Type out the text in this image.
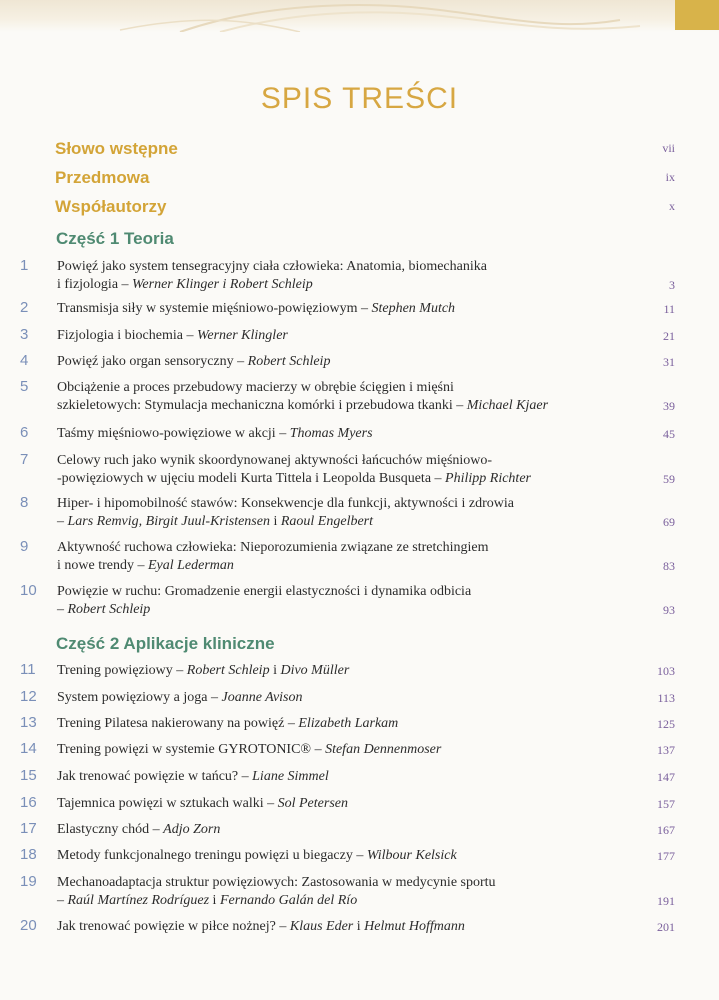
SPIS TREŚCI
Słowo wstępne	vii
Przedmowa	ix
Współautorzy	x
Część 1 Teoria
1	Powięź jako system tensegracyjny ciała człowieka: Anatomia, biomechanika
i fizjologia – Werner Klinger i Robert Schleip	3
2	Transmisja siły w systemie mięśniowo-powięziowym – Stephen Mutch	11
3	Fizjologia i biochemia – Werner Klingler	21
4	Powięź jako organ sensoryczny – Robert Schleip	31
5	Obciążenie a proces przebudowy macierzy w obrębie ścięgien i mięśni
szkieletowych: Stymulacja mechaniczna komórki i przebudowa tkanki – Michael Kjaer	39
6	Taśmy mięśniowo-powięziowe w akcji – Thomas Myers	45
7	Celowy ruch jako wynik skoordynowanej aktywności łańcuchów mięśniowo-
-powięziowych w ujęciu modeli Kurta Tittela i Leopolda Busqueta – Philipp Richter	59
8	Hiper- i hipomobilność stawów: Konsekwencje dla funkcji, aktywności i zdrowia
– Lars Remvig, Birgit Juul-Kristensen i Raoul Engelbert	69
9	Aktywność ruchowa człowieka: Nieporozumienia związane ze stretchingiem
i nowe trendy – Eyal Lederman	83
10	Powięzie w ruchu: Gromadzenie energii elastyczności i dynamika odbicia
– Robert Schleip	93
Część 2 Aplikacje kliniczne
11	Trening powięziowy – Robert Schleip i Divo Müller	103
12	System powięziowy a joga – Joanne Avison	113
13	Trening Pilatesa nakierowany na powięź – Elizabeth Larkam	125
14	Trening powięzi w systemie GYROTONIC® – Stefan Dennenmoser	137
15	Jak trenować powięzie w tańcu? – Liane Simmel	147
16	Tajemnica powięzi w sztukach walki – Sol Petersen	157
17	Elastyczny chód – Adjo Zorn	167
18	Metody funkcjonalnego treningu powięzi u biegaczy – Wilbour Kelsick	177
19	Mechanoadaptacja struktur powięziowych: Zastosowania w medycynie sportu
– Raúl Martínez Rodríguez i Fernando Galán del Río	191
20	Jak trenować powięzie w piłce nożnej? – Klaus Eder i Helmut Hoffmann	201
